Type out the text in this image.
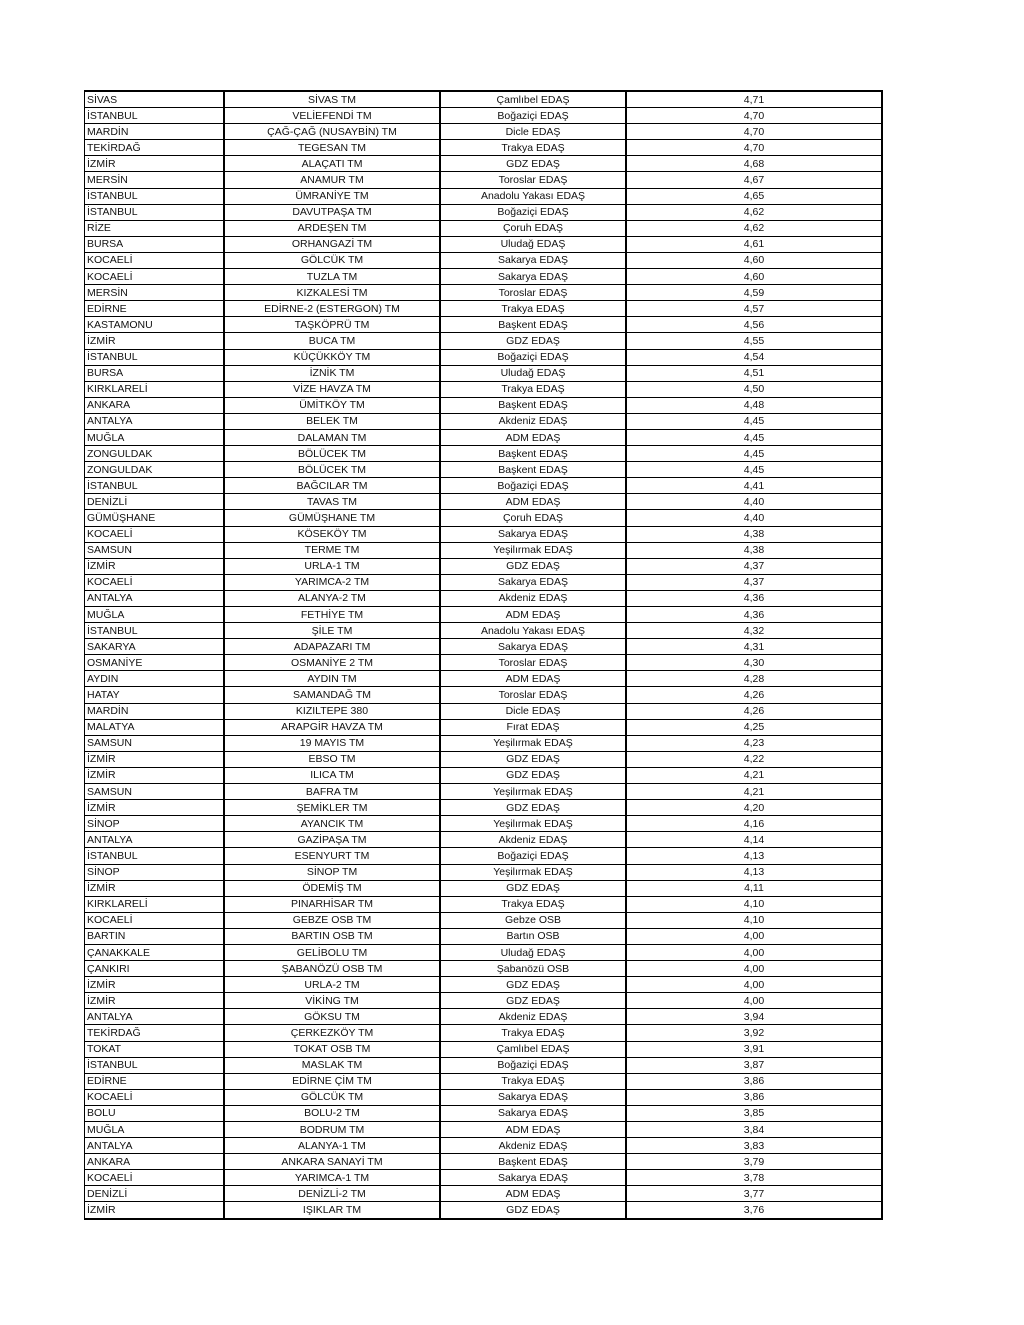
SİVAS	SİVAS TM	Çamlıbel EDAŞ	4,71
İSTANBUL	VELİEFENDİ TM	Boğaziçi EDAŞ	4,70
MARDİN	ÇAĞ-ÇAĞ (NUSAYBİN) TM	Dicle EDAŞ	4,70
TEKİRDAĞ	TEGESAN TM	Trakya EDAŞ	4,70
İZMİR	ALAÇATI TM	GDZ EDAŞ	4,68
MERSİN	ANAMUR TM	Toroslar EDAŞ	4,67
İSTANBUL	ÜMRANİYE TM	Anadolu Yakası EDAŞ	4,65
İSTANBUL	DAVUTPAŞA TM	Boğaziçi EDAŞ	4,62
RİZE	ARDEŞEN TM	Çoruh EDAŞ	4,62
BURSA	ORHANGAZİ TM	Uludağ EDAŞ	4,61
KOCAELİ	GÖLCÜK TM	Sakarya EDAŞ	4,60
KOCAELİ	TUZLA TM	Sakarya EDAŞ	4,60
MERSİN	KIZKALESİ TM	Toroslar EDAŞ	4,59
EDİRNE	EDİRNE-2 (ESTERGON) TM	Trakya EDAŞ	4,57
KASTAMONU	TAŞKÖPRÜ TM	Başkent EDAŞ	4,56
İZMİR	BUCA TM	GDZ EDAŞ	4,55
İSTANBUL	KÜÇÜKKÖY TM	Boğaziçi EDAŞ	4,54
BURSA	İZNİK TM	Uludağ EDAŞ	4,51
KIRKLARELİ	VİZE HAVZA TM	Trakya EDAŞ	4,50
ANKARA	ÜMİTKÖY TM	Başkent EDAŞ	4,48
ANTALYA	BELEK TM	Akdeniz EDAŞ	4,45
MUĞLA	DALAMAN TM	ADM EDAŞ	4,45
ZONGULDAK	BÖLÜCEK TM	Başkent EDAŞ	4,45
ZONGULDAK	BÖLÜCEK TM	Başkent EDAŞ	4,45
İSTANBUL	BAĞCILAR TM	Boğaziçi EDAŞ	4,41
DENİZLİ	TAVAS TM	ADM EDAŞ	4,40
GÜMÜŞHANE	GÜMÜŞHANE TM	Çoruh EDAŞ	4,40
KOCAELİ	KÖSEKÖY TM	Sakarya EDAŞ	4,38
SAMSUN	TERME TM	Yeşilırmak EDAŞ	4,38
İZMİR	URLA-1 TM	GDZ EDAŞ	4,37
KOCAELİ	YARIMCA-2 TM	Sakarya EDAŞ	4,37
ANTALYA	ALANYA-2 TM	Akdeniz EDAŞ	4,36
MUĞLA	FETHİYE TM	ADM EDAŞ	4,36
İSTANBUL	ŞİLE TM	Anadolu Yakası EDAŞ	4,32
SAKARYA	ADAPAZARI TM	Sakarya EDAŞ	4,31
OSMANİYE	OSMANİYE 2 TM	Toroslar EDAŞ	4,30
AYDIN	AYDIN TM	ADM EDAŞ	4,28
HATAY	SAMANDAĞ TM	Toroslar EDAŞ	4,26
MARDİN	KIZILTEPE 380	Dicle EDAŞ	4,26
MALATYA	ARAPGİR HAVZA TM	Fırat EDAŞ	4,25
SAMSUN	19 MAYIS TM	Yeşilırmak EDAŞ	4,23
İZMİR	EBSO TM	GDZ EDAŞ	4,22
İZMİR	ILICA TM	GDZ EDAŞ	4,21
SAMSUN	BAFRA TM	Yeşilırmak EDAŞ	4,21
İZMİR	ŞEMİKLER TM	GDZ EDAŞ	4,20
SİNOP	AYANCIK TM	Yeşilırmak EDAŞ	4,16
ANTALYA	GAZİPAŞA TM	Akdeniz EDAŞ	4,14
İSTANBUL	ESENYURT TM	Boğaziçi EDAŞ	4,13
SİNOP	SİNOP TM	Yeşilırmak EDAŞ	4,13
İZMİR	ÖDEMİŞ TM	GDZ EDAŞ	4,11
KIRKLARELİ	PINARHİSAR TM	Trakya EDAŞ	4,10
KOCAELİ	GEBZE OSB TM	Gebze OSB	4,10
BARTIN	BARTIN OSB TM	Bartın OSB	4,00
ÇANAKKALE	GELİBOLU TM	Uludağ EDAŞ	4,00
ÇANKIRI	ŞABANÖZÜ OSB TM	Şabanözü OSB	4,00
İZMİR	URLA-2 TM	GDZ EDAŞ	4,00
İZMİR	VİKİNG TM	GDZ EDAŞ	4,00
ANTALYA	GÖKSU TM	Akdeniz EDAŞ	3,94
TEKİRDAĞ	ÇERKEZKÖY TM	Trakya EDAŞ	3,92
TOKAT	TOKAT OSB TM	Çamlıbel EDAŞ	3,91
İSTANBUL	MASLAK TM	Boğaziçi EDAŞ	3,87
EDİRNE	EDİRNE ÇİM TM	Trakya EDAŞ	3,86
KOCAELİ	GÖLCÜK TM	Sakarya EDAŞ	3,86
BOLU	BOLU-2 TM	Sakarya EDAŞ	3,85
MUĞLA	BODRUM TM	ADM EDAŞ	3,84
ANTALYA	ALANYA-1 TM	Akdeniz EDAŞ	3,83
ANKARA	ANKARA SANAYİ TM	Başkent EDAŞ	3,79
KOCAELİ	YARIMCA-1 TM	Sakarya EDAŞ	3,78
DENİZLİ	DENİZLİ-2 TM	ADM EDAŞ	3,77
İZMİR	IŞIKLAR TM	GDZ EDAŞ	3,76
